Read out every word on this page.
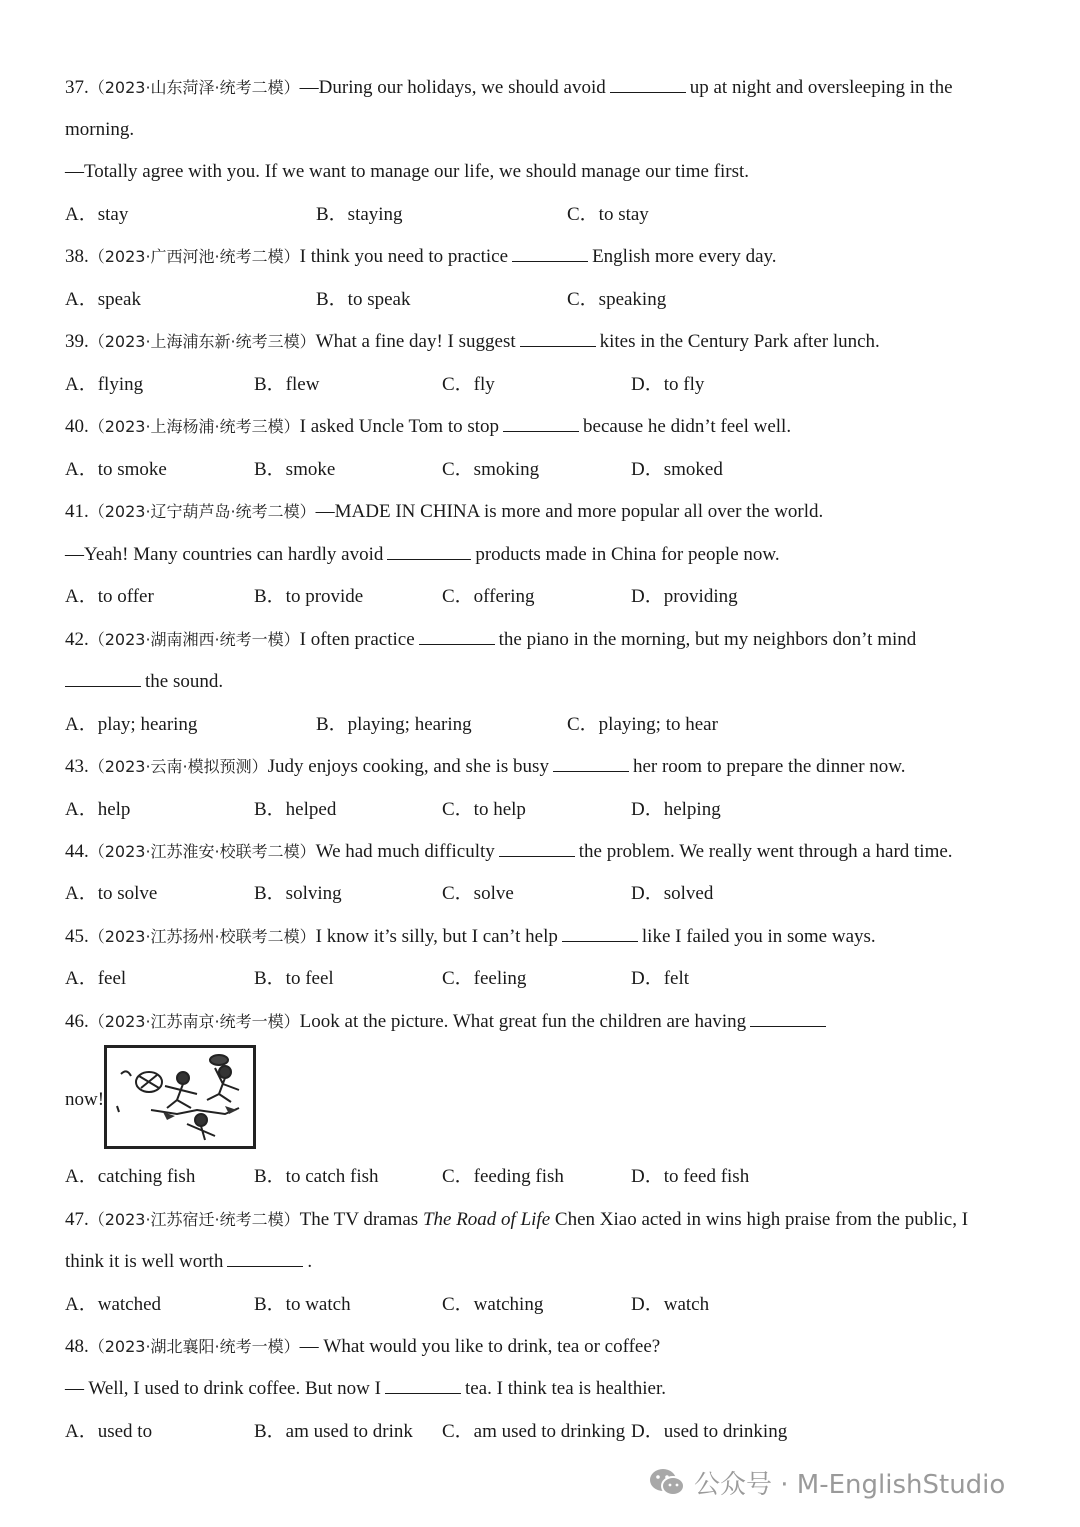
37.（2023·山东菏泽·统考二模）—During our holidays, we should avoid	up at night and oversleeping in the
morning.
—Totally agree with you. If we want to manage our life, we should manage our time first.
A．stay	B．staying	C．to stay
38.（2023·广西河池·统考二模）I think you need to practice	English more every day.
A．speak	B．to speak	C．speaking
39.（2023·上海浦东新·统考三模）What a fine day! I suggest	kites in the Century Park after lunch.
A．flying	B．flew	C．fly	D．to fly
40.（2023·上海杨浦·统考三模）I asked Uncle Tom to stop	because he didn’t feel well.
A．to smoke	B．smoke	C．smoking	D．smoked
41.（2023·辽宁葫芦岛·统考二模）—MADE IN CHINA is more and more popular all over the world.
—Yeah! Many countries can hardly avoid	products made in China for people now.
A．to offer	B．to provide	C．offering	D．providing
42.（2023·湖南湘西·统考一模）I often practice	the piano in the morning, but my neighbors don’t mind
the sound.
A．play; hearing	B．playing; hearing	C．playing; to hear
43.（2023·云南·模拟预测）Judy enjoys cooking, and she is busy	her room to prepare the dinner now.
A．help	B．helped	C．to help	D．helping
44.（2023·江苏淮安·校联考二模）We had much difficulty	the problem. We really went through a hard time.
A．to solve	B．solving	C．solve	D．solved
45.（2023·江苏扬州·校联考二模）I know it’s silly, but I can’t help	like I failed you in some ways.
A．feel	B．to feel	C．feeling	D．felt
46.（2023·江苏南京·统考一模）Look at the picture. What great fun the children are having
now!
A．catching fish	B．to catch fish	C．feeding fish	D．to feed fish
47.（2023·江苏宿迁·统考二模）The TV dramas The Road of Life Chen Xiao acted in wins high praise from the public, I
think it is well worth	.
A．watched	B．to watch	C．watching	D．watch
48.（2023·湖北襄阳·统考一模）— What would you like to drink, tea or coffee?
— Well, I used to drink coffee. But now I	tea. I think tea is healthier.
A．used to	B．am used to drink C．am used to drinking D．used to drinking
公众号 · M-EnglishStudio
